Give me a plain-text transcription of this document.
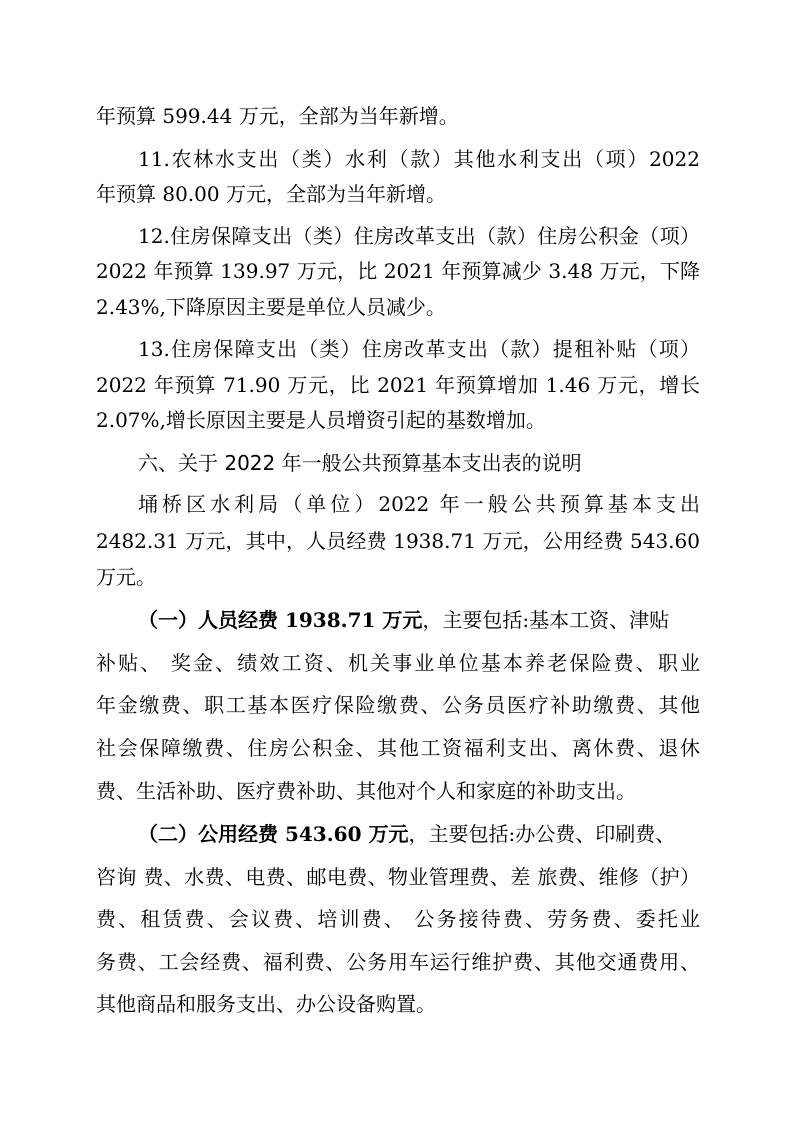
年预算 599.44 万元，全部为当年新增。
11.农林水支出（类）水利（款）其他水利支出（项）2022
年预算 80.00 万元，全部为当年新增。
12.住房保障支出（类）住房改革支出（款）住房公积金（项）
2022 年预算 139.97 万元，比 2021 年预算减少 3.48 万元，下降
2.43%,下降原因主要是单位人员减少。
13.住房保障支出（类）住房改革支出（款）提租补贴（项）
2022 年预算 71.90 万元，比 2021 年预算增加 1.46 万元，增长
2.07%,增长原因主要是人员增资引起的基数增加。
六、关于 2022 年一般公共预算基本支出表的说明
埇桥区水利局（单位）2022 年一般公共预算基本支出
2482.31 万元，其中，人员经费 1938.71 万元，公用经费 543.60
万元。
（一）人员经费 1938.71 万元，主要包括:基本工资、津贴
补贴、 奖金、绩效工资、机关事业单位基本养老保险费、职业
年金缴费、职工基本医疗保险缴费、公务员医疗补助缴费、其他
社会保障缴费、住房公积金、其他工资福利支出、离休费、退休
费、生活补助、医疗费补助、其他对个人和家庭的补助支出。
（二）公用经费 543.60 万元，主要包括:办公费、印刷费、
咨询 费、水费、电费、邮电费、物业管理费、差 旅费、维修（护）
费、租赁费、会议费、培训费、 公务接待费、劳务费、委托业
务费、工会经费、福利费、公务用车运行维护费、其他交通费用、
其他商品和服务支出、办公设备购置。
